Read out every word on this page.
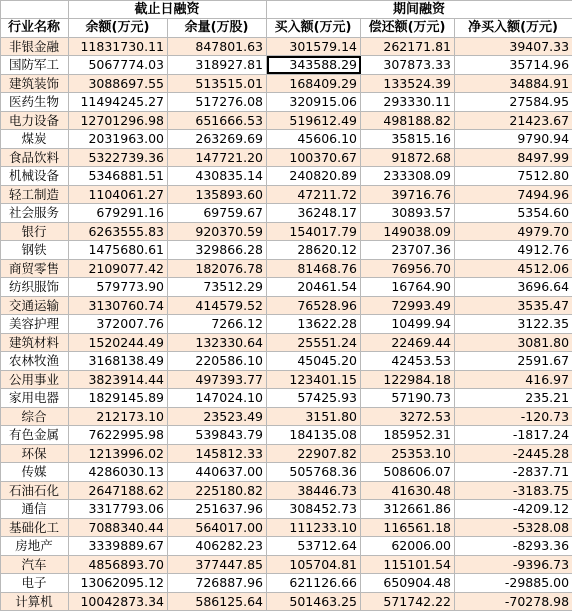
	截止日融资		期间融资		
行业名称	余额(万元)	余量(万股)	买入额(万元)	偿还额(万元)	净买入额(万元)
非银金融	11831730.11	847801.63	301579.14	262171.81	39407.33
国防军工	5067774.03	318927.81	343588.29	307873.33	35714.96
建筑装饰	3088697.55	513515.01	168409.29	133524.39	34884.91
医药生物	11494245.27	517276.08	320915.06	293330.11	27584.95
电力设备	12701296.98	651666.53	519612.49	498188.82	21423.67
煤炭	2031963.00	263269.69	45606.10	35815.16	9790.94
食品饮料	5322739.36	147721.20	100370.67	91872.68	8497.99
机械设备	5346881.51	430835.14	240820.89	233308.09	7512.80
轻工制造	1104061.27	135893.60	47211.72	39716.76	7494.96
社会服务	679291.16	69759.67	36248.17	30893.57	5354.60
银行	6263555.83	920370.59	154017.79	149038.09	4979.70
钢铁	1475680.61	329866.28	28620.12	23707.36	4912.76
商贸零售	2109077.42	182076.78	81468.76	76956.70	4512.06
纺织服饰	579773.90	73512.29	20461.54	16764.90	3696.64
交通运输	3130760.74	414579.52	76528.96	72993.49	3535.47
美容护理	372007.76	7266.12	13622.28	10499.94	3122.35
建筑材料	1520244.49	132330.64	25551.24	22469.44	3081.80
农林牧渔	3168138.49	220586.10	45045.20	42453.53	2591.67
公用事业	3823914.44	497393.77	123401.15	122984.18	416.97
家用电器	1829145.89	147024.10	57425.93	57190.73	235.21
综合	212173.10	23523.49	3151.80	3272.53	-120.73
有色金属	7622995.98	539843.79	184135.08	185952.31	-1817.24
环保	1213996.02	145812.33	22907.82	25353.10	-2445.28
传媒	4286030.13	440637.00	505768.36	508606.07	-2837.71
石油石化	2647188.62	225180.82	38446.73	41630.48	-3183.75
通信	3317793.06	251637.96	308452.73	312661.86	-4209.12
基础化工	7088340.44	564017.00	111233.10	116561.18	-5328.08
房地产	3339889.67	406282.23	53712.64	62006.00	-8293.36
汽车	4856893.70	377447.85	105704.81	115101.54	-9396.73
电子	13062095.12	726887.96	621126.66	650904.48	-29885.00
计算机	10042873.34	586125.64	501463.25	571742.22	-70278.98
